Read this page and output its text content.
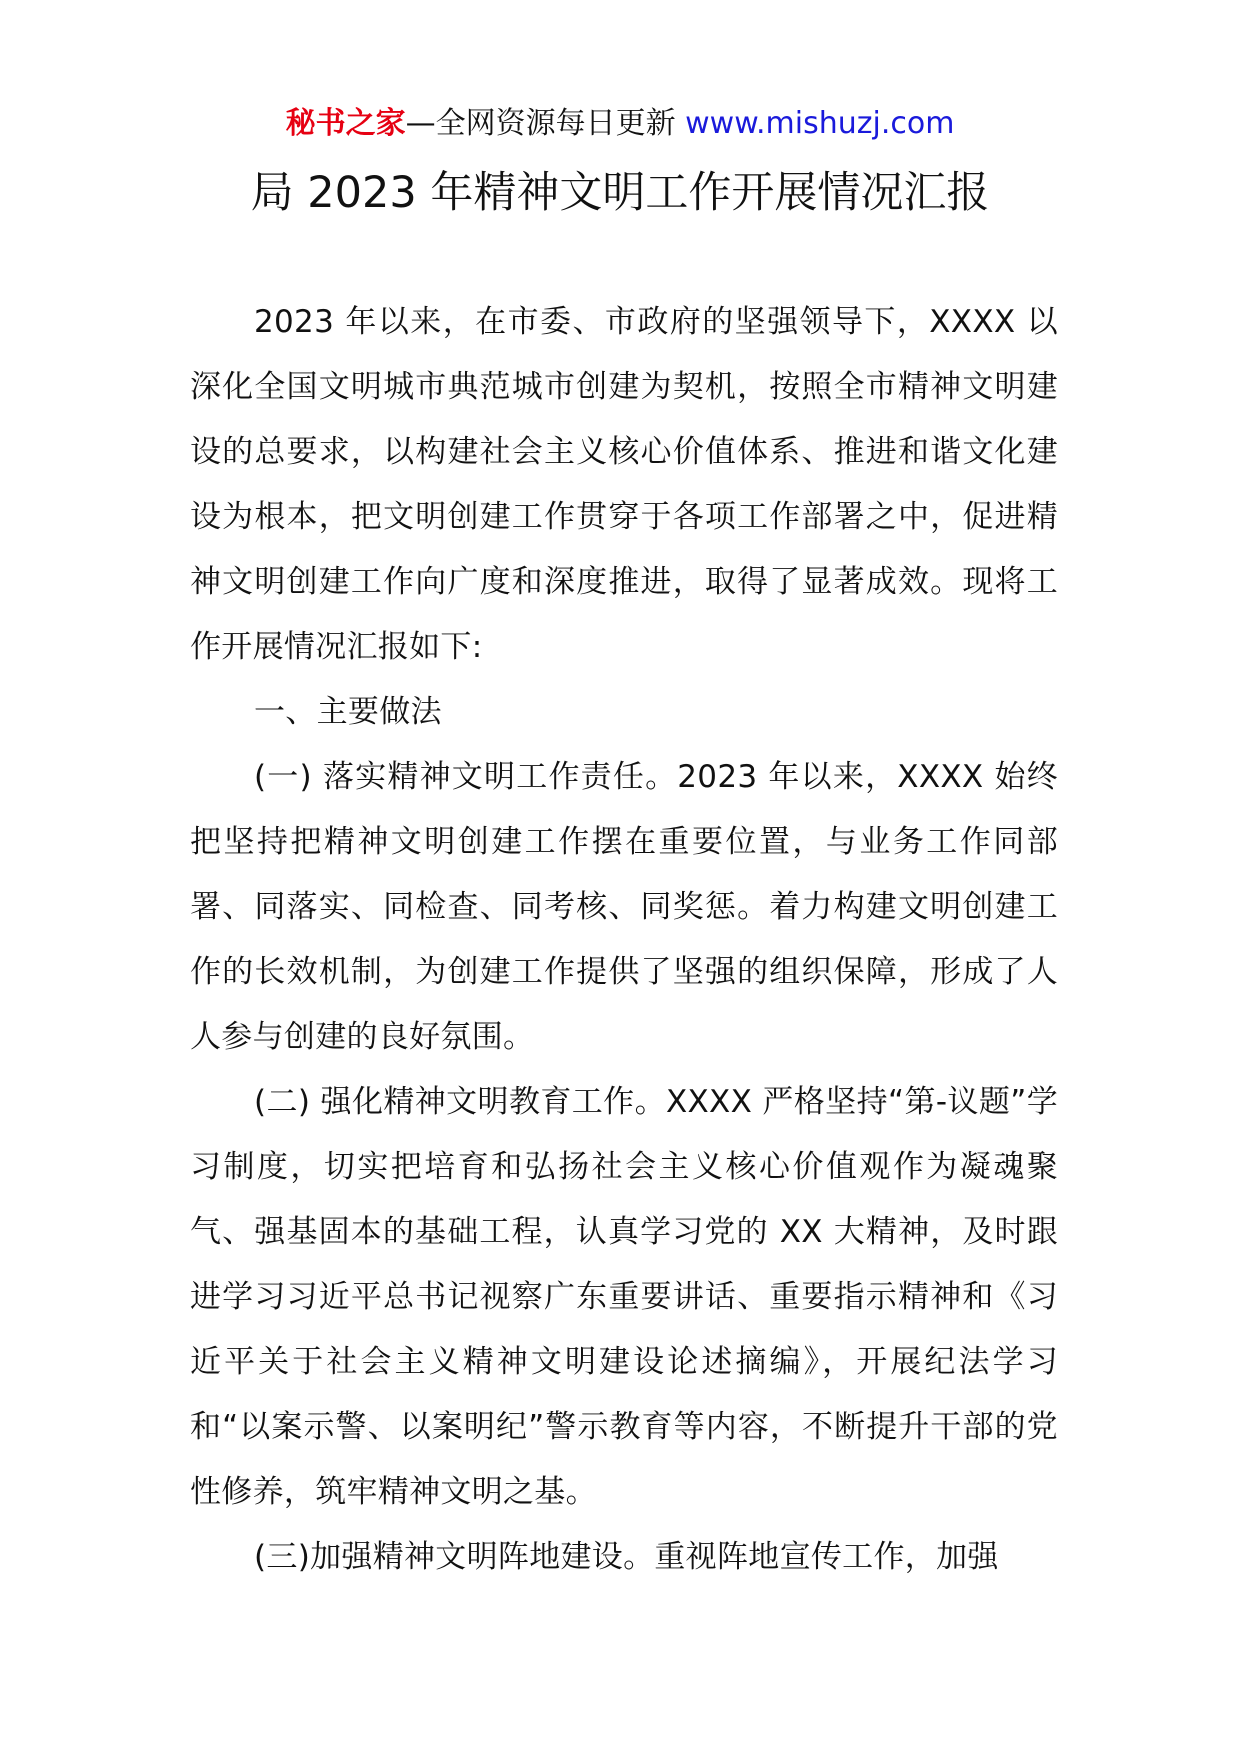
秘书之家—全网资源每日更新 www.mishuzj.com
局 2023 年精神文明工作开展情况汇报

2023 年以来，在市委、市政府的坚强领导下，XXXX 以深化全国文明城市典范城市创建为契机，按照全市精神文明建设的总要求，以构建社会主义核心价值体系、推进和谐文化建设为根本，把文明创建工作贯穿于各项工作部署之中，促进精神文明创建工作向广度和深度推进，取得了显著成效。现将工作开展情况汇报如下:

一、主要做法

(一) 落实精神文明工作责任。2023 年以来，XXXX 始终把坚持把精神文明创建工作摆在重要位置，与业务工作同部署、同落实、同检查、同考核、同奖惩。着力构建文明创建工作的长效机制，为创建工作提供了坚强的组织保障，形成了人人参与创建的良好氛围。

(二) 强化精神文明教育工作。XXXX 严格坚持“第-议题”学习制度，切实把培育和弘扬社会主义核心价值观作为凝魂聚气、强基固本的基础工程，认真学习党的 XX 大精神，及时跟进学习习近平总书记视察广东重要讲话、重要指示精神和《习近平关于社会主义精神文明建设论述摘编》，开展纪法学习和“以案示警、以案明纪”警示教育等内容，不断提升干部的党性修养，筑牢精神文明之基。

(三)加强精神文明阵地建设。重视阵地宣传工作，加强
